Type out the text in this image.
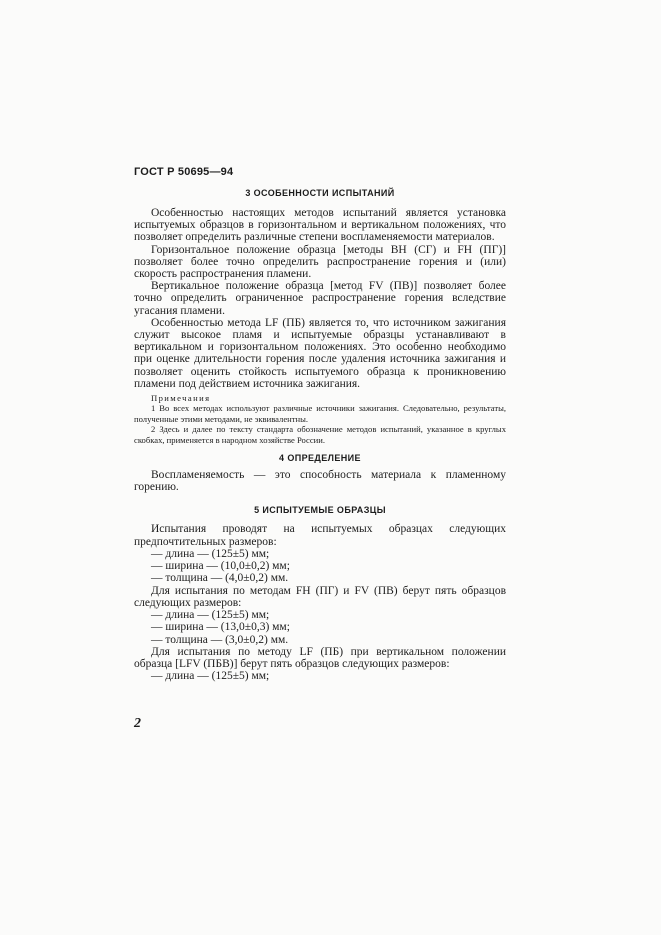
ГОСТ Р 50695—94

3 ОСОБЕННОСТИ ИСПЫТАНИЙ

Особенностью настоящих методов испытаний является установка испытуемых образцов в горизонтальном и вертикальном положениях, что позволяет определить различные степени воспламеняемости материалов.

Горизонтальное положение образца [методы ВН (СГ) и FH (ПГ)] позволяет более точно определить распространение горения и (или) скорость распространения пламени.

Вертикальное положение образца [метод FV (ПВ)] позволяет более точно определить ограниченное распространение горения вследствие угасания пламени.

Особенностью метода LF (ПБ) является то, что источником зажигания служит высокое пламя и испытуемые образцы устанавливают в вертикальном и горизонтальном положениях. Это особенно необходимо при оценке длительности горения после удаления источника зажигания и позволяет оценить стойкость испытуемого образца к проникновению пламени под действием источника зажигания.

Примечания

1 Во всех методах используют различные источники зажигания. Следовательно, результаты, полученные этими методами, не эквивалентны.

2 Здесь и далее по тексту стандарта обозначение методов испытаний, указанное в круглых скобках, применяется в народном хозяйстве России.

4 ОПРЕДЕЛЕНИЕ

Воспламеняемость — это способность материала к пламенному горению.

5 ИСПЫТУЕМЫЕ ОБРАЗЦЫ

Испытания проводят на испытуемых образцах следующих предпочтительных размеров:

— длина — (125±5) мм;

— ширина — (10,0±0,2) мм;

— толщина — (4,0±0,2) мм.

Для испытания по методам FH (ПГ) и FV (ПВ) берут пять образцов следующих размеров:

— длина — (125±5) мм;

— ширина — (13,0±0,3) мм;

— толщина — (3,0±0,2) мм.

Для испытания по методу LF (ПБ) при вертикальном положении образца [LFV (ПБВ)] берут пять образцов следующих размеров:

— длина — (125±5) мм;

2
